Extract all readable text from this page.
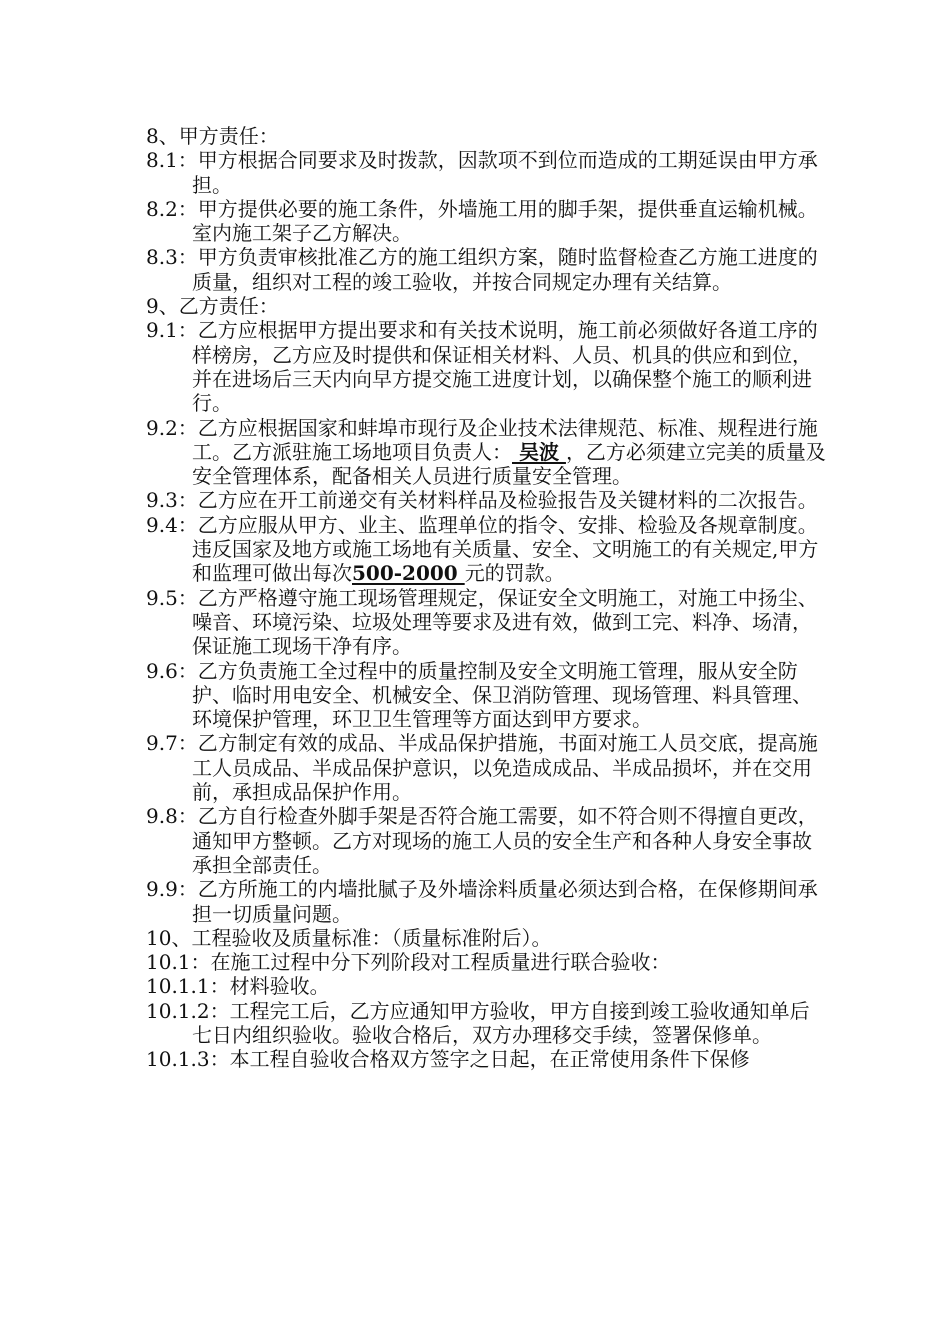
8、甲方责任：

8.1：甲方根据合同要求及时拨款，因款项不到位而造成的工期延误由甲方承担。

8.2：甲方提供必要的施工条件，外墙施工用的脚手架，提供垂直运输机械。室内施工架子乙方解决。

8.3：甲方负责审核批准乙方的施工组织方案，随时监督检查乙方施工进度的质量，组织对工程的竣工验收，并按合同规定办理有关结算。

9、乙方责任：

9.1：乙方应根据甲方提出要求和有关技术说明，施工前必须做好各道工序的样榜房，乙方应及时提供和保证相关材料、人员、机具的供应和到位，并在进场后三天内向早方提交施工进度计划，以确保整个施工的顺利进行。

9.2：乙方应根据国家和蚌埠市现行及企业技术法律规范、标准、规程进行施工。乙方派驻施工场地项目负责人： 吴波 ，乙方必须建立完美的质量及安全管理体系，配备相关人员进行质量安全管理。

9.3：乙方应在开工前递交有关材料样品及检验报告及关键材料的二次报告。

9.4：乙方应服从甲方、业主、监理单位的指令、安排、检验及各规章制度。违反国家及地方或施工场地有关质量、安全、文明施工的有关规定,甲方和监理可做出每次500-2000 元的罚款。

9.5：乙方严格遵守施工现场管理规定，保证安全文明施工，对施工中扬尘、噪音、环境污染、垃圾处理等要求及进有效，做到工完、料净、场清，保证施工现场干净有序。

9.6：乙方负责施工全过程中的质量控制及安全文明施工管理，服从安全防护、临时用电安全、机械安全、保卫消防管理、现场管理、料具管理、环境保护管理，环卫卫生管理等方面达到甲方要求。

9.7：乙方制定有效的成品、半成品保护措施，书面对施工人员交底，提高施工人员成品、半成品保护意识，以免造成成品、半成品损坏，并在交用前，承担成品保护作用。

9.8：乙方自行检查外脚手架是否符合施工需要，如不符合则不得擅自更改，通知甲方整顿。乙方对现场的施工人员的安全生产和各种人身安全事故承担全部责任。

9.9：乙方所施工的内墙批腻子及外墙涂料质量必须达到合格，在保修期间承担一切质量问题。

10、工程验收及质量标准：（质量标准附后）。

10.1：在施工过程中分下列阶段对工程质量进行联合验收：

10.1.1：材料验收。

10.1.2：工程完工后，乙方应通知甲方验收，甲方自接到竣工验收通知单后七日内组织验收。验收合格后，双方办理移交手续，签署保修单。

10.1.3：本工程自验收合格双方签字之日起，在正常使用条件下保修
